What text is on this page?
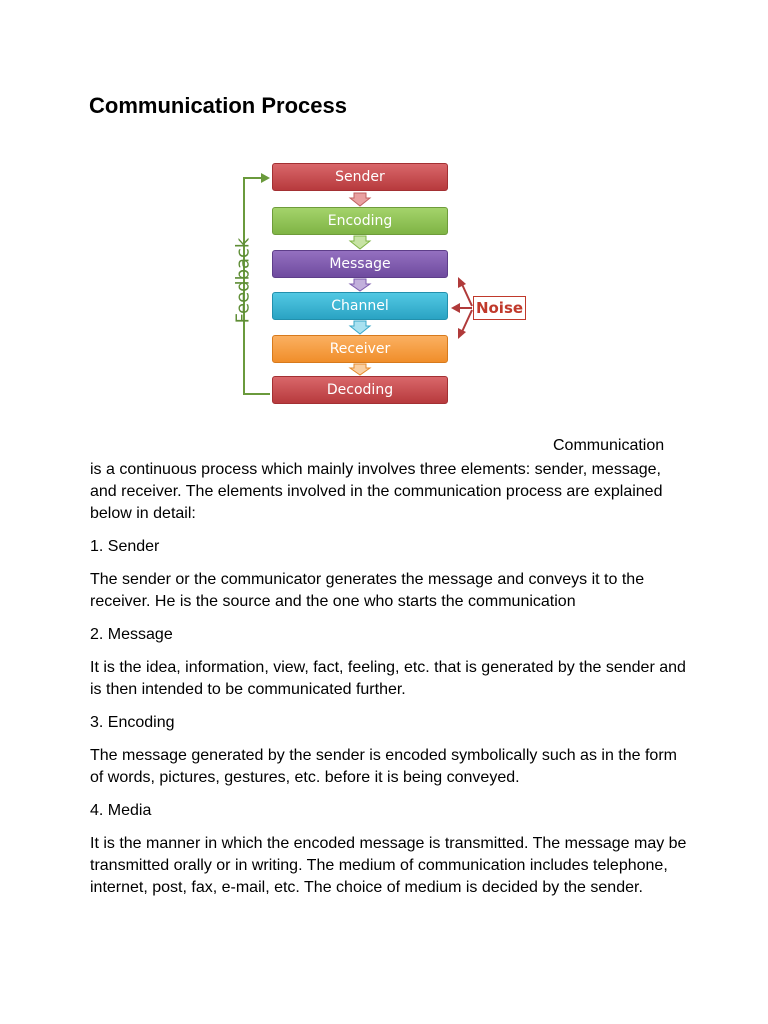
Communication Process
Sender
Encoding
Message
Channel
Receiver
Decoding
Feedback	Noise

Communication

is a continuous process which mainly involves three elements: sender, message, and receiver. The elements involved in the communication process are explained below in detail:

1. Sender

The sender or the communicator generates the message and conveys it to the receiver. He is the source and the one who starts the communication

2. Message

It is the idea, information, view, fact, feeling, etc. that is generated by the sender and is then intended to be communicated further.

3. Encoding

The message generated by the sender is encoded symbolically such as in the form of words, pictures, gestures, etc. before it is being conveyed.

4. Media

It is the manner in which the encoded message is transmitted. The message may be transmitted orally or in writing. The medium of communication includes telephone, internet, post, fax, e-mail, etc. The choice of medium is decided by the sender.
